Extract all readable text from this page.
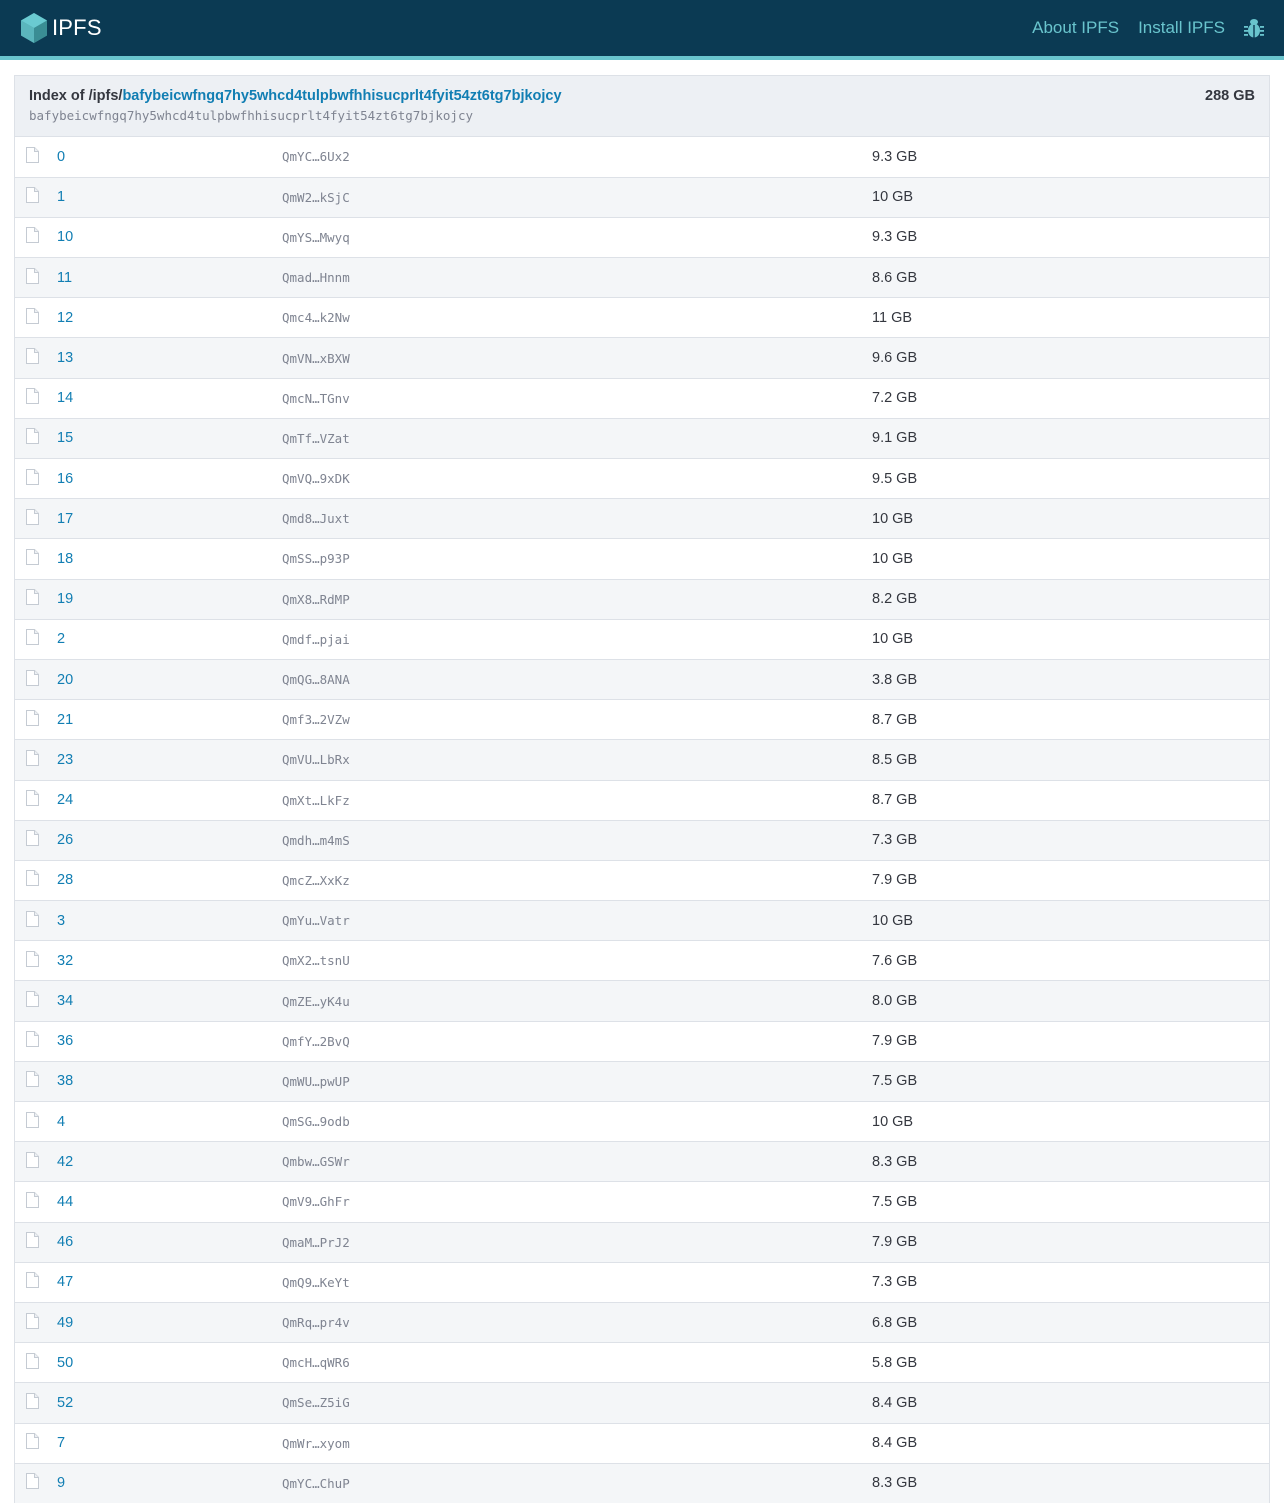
IPFS	About IPFS Install IPFS
Index of /ipfs/bafybeicwfngq7hy5whcd4tulpbwfhhisucprlt4fyit54zt6tg7bjkojcy	288 GB
bafybeicwfngq7hy5whcd4tulpbwfhhisucprlt4fyit54zt6tg7bjkojcy
	0	QmYC…6Ux2	9.3 GB

	1	QmW2…kSjC	10 GB

	10	QmYS…Mwyq	9.3 GB

	11	Qmad…Hnnm	8.6 GB

	12	Qmc4…k2Nw	11 GB

	13	QmVN…xBXW	9.6 GB

	14	QmcN…TGnv	7.2 GB

	15	QmTf…VZat	9.1 GB

	16	QmVQ…9xDK	9.5 GB

	17	Qmd8…Juxt	10 GB

	18	QmSS…p93P	10 GB

	19	QmX8…RdMP	8.2 GB

	2	Qmdf…pjai	10 GB

	20	QmQG…8ANA	3.8 GB

	21	Qmf3…2VZw	8.7 GB

	23	QmVU…LbRx	8.5 GB

	24	QmXt…LkFz	8.7 GB

	26	Qmdh…m4mS	7.3 GB

	28	QmcZ…XxKz	7.9 GB

	3	QmYu…Vatr	10 GB

	32	QmX2…tsnU	7.6 GB

	34	QmZE…yK4u	8.0 GB

	36	QmfY…2BvQ	7.9 GB

	38	QmWU…pwUP	7.5 GB

	4	QmSG…9odb	10 GB

	42	Qmbw…GSWr	8.3 GB

	44	QmV9…GhFr	7.5 GB

	46	QmaM…PrJ2	7.9 GB

	47	QmQ9…KeYt	7.3 GB

	49	QmRq…pr4v	6.8 GB

	50	QmcH…qWR6	5.8 GB

	52	QmSe…Z5iG	8.4 GB

	7	QmWr…xyom	8.4 GB

	9	QmYC…ChuP	8.3 GB
